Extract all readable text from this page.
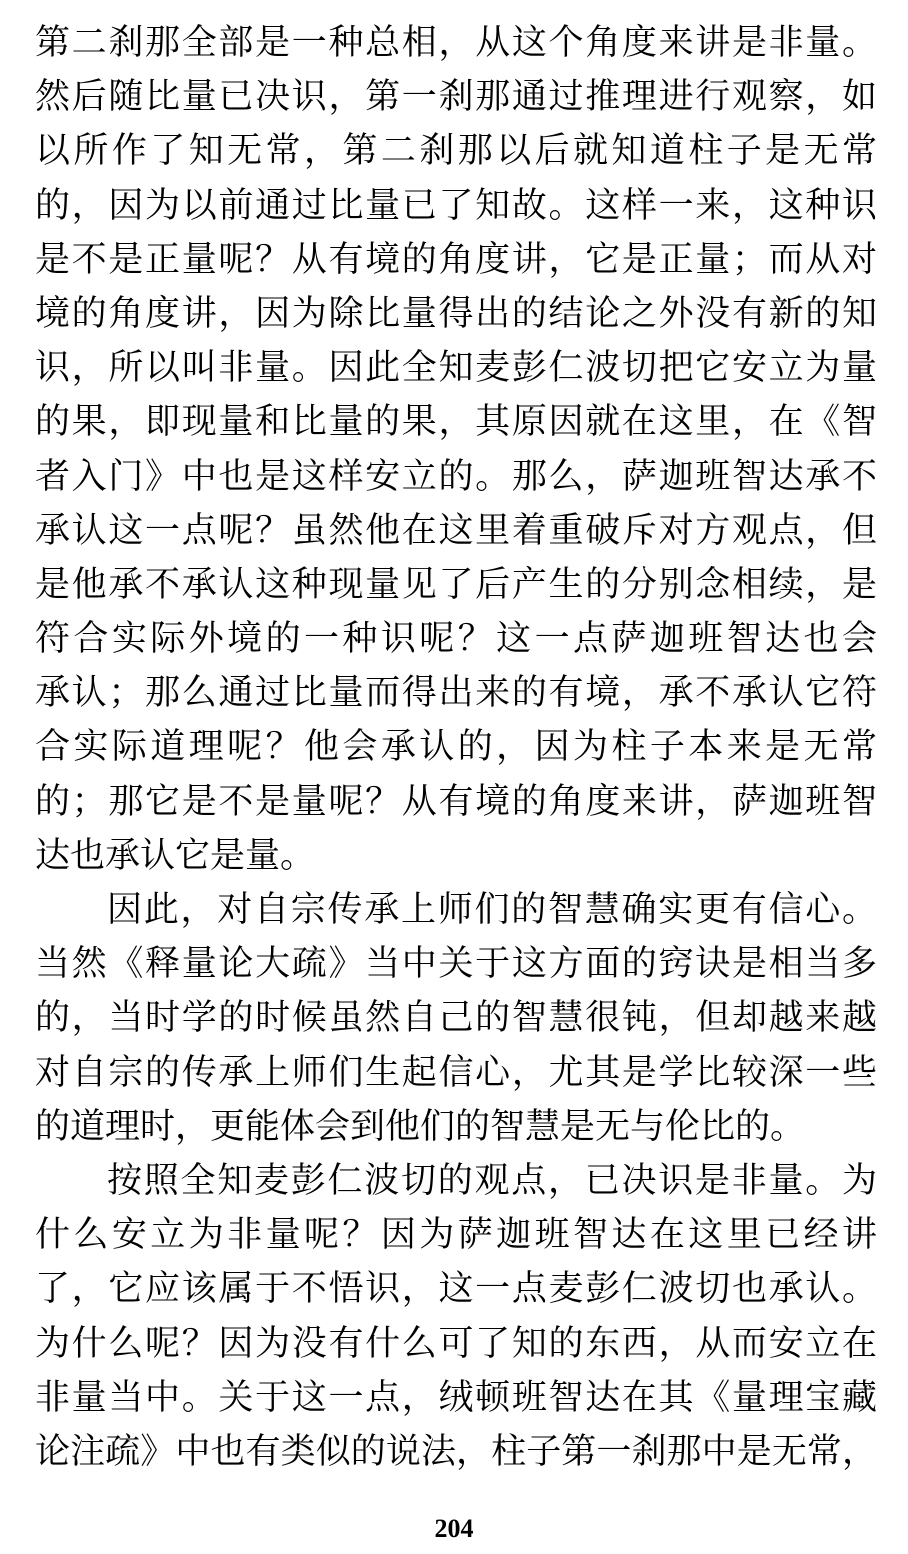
第二刹那全部是一种总相，从这个角度来讲是非量。
然后随比量已决识，第一刹那通过推理进行观察，如
以所作了知无常，第二刹那以后就知道柱子是无常
的，因为以前通过比量已了知故。这样一来，这种识
是不是正量呢？从有境的角度讲，它是正量；而从对
境的角度讲，因为除比量得出的结论之外没有新的知
识，所以叫非量。因此全知麦彭仁波切把它安立为量
的果，即现量和比量的果，其原因就在这里，在《智
者入门》中也是这样安立的。那么，萨迦班智达承不
承认这一点呢？虽然他在这里着重破斥对方观点，但
是他承不承认这种现量见了后产生的分别念相续，是
符合实际外境的一种识呢？这一点萨迦班智达也会
承认；那么通过比量而得出来的有境，承不承认它符
合实际道理呢？他会承认的，因为柱子本来是无常
的；那它是不是量呢？从有境的角度来讲，萨迦班智
达也承认它是量。
因此，对自宗传承上师们的智慧确实更有信心。
当然《释量论大疏》当中关于这方面的窍诀是相当多
的，当时学的时候虽然自己的智慧很钝，但却越来越
对自宗的传承上师们生起信心，尤其是学比较深一些
的道理时，更能体会到他们的智慧是无与伦比的。
按照全知麦彭仁波切的观点，已决识是非量。为
什么安立为非量呢？因为萨迦班智达在这里已经讲
了，它应该属于不悟识，这一点麦彭仁波切也承认。
为什么呢？因为没有什么可了知的东西，从而安立在
非量当中。关于这一点，绒顿班智达在其《量理宝藏
论注疏》中也有类似的说法，柱子第一刹那中是无常，
204
